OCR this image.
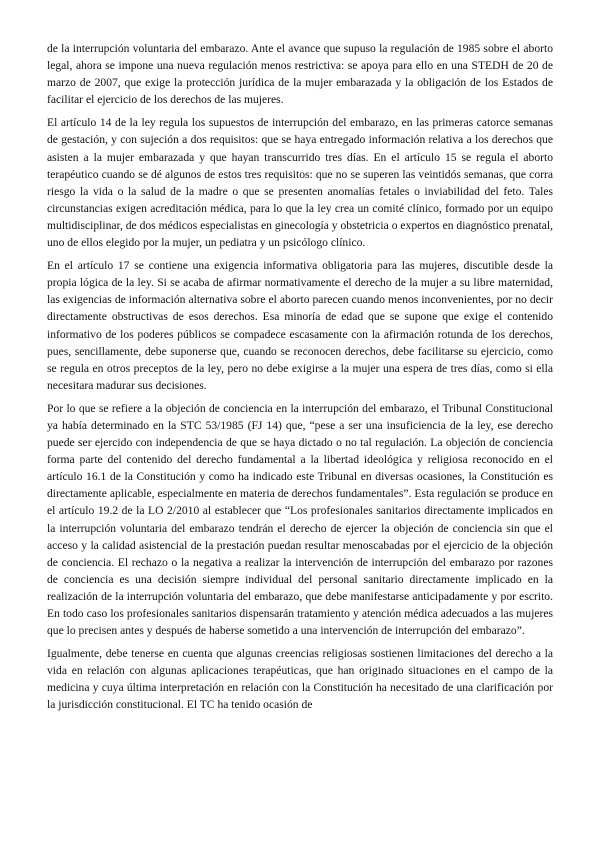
de la interrupción voluntaria del embarazo. Ante el avance que supuso la regulación de 1985 sobre el aborto legal, ahora se impone una nueva regulación menos restrictiva: se apoya para ello en una STEDH de 20 de marzo de 2007, que exige la protección jurídica de la mujer embarazada y la obligación de los Estados de facilitar el ejercicio de los derechos de las mujeres.

El artículo 14 de la ley regula los supuestos de interrupción del embarazo, en las primeras catorce semanas de gestación, y con sujeción a dos requisitos: que se haya entregado información relativa a los derechos que asisten a la mujer embarazada y que hayan transcurrido tres días. En el artículo 15 se regula el aborto terapéutico cuando se dé algunos de estos tres requisitos: que no se superen las veintidós semanas, que corra riesgo la vida o la salud de la madre o que se presenten anomalías fetales o inviabilidad del feto. Tales circunstancias exigen acreditación médica, para lo que la ley crea un comité clínico, formado por un equipo multidisciplinar, de dos médicos especialistas en ginecología y obstetricia o expertos en diagnóstico prenatal, uno de ellos elegido por la mujer, un pediatra y un psicólogo clínico.

En el artículo 17 se contiene una exigencia informativa obligatoria para las mujeres, discutible desde la propia lógica de la ley. Si se acaba de afirmar normativamente el derecho de la mujer a su libre maternidad, las exigencias de información alternativa sobre el aborto parecen cuando menos inconvenientes, por no decir directamente obstructivas de esos derechos. Esa minoría de edad que se supone que exige el contenido informativo de los poderes públicos se compadece escasamente con la afirmación rotunda de los derechos, pues, sencillamente, debe suponerse que, cuando se reconocen derechos, debe facilitarse su ejercicio, como se regula en otros preceptos de la ley, pero no debe exigirse a la mujer una espera de tres días, como si ella necesitara madurar sus decisiones.

Por lo que se refiere a la objeción de conciencia en la interrupción del embarazo, el Tribunal Constitucional ya había determinado en la STC 53/1985 (FJ 14) que, “pese a ser una insuficiencia de la ley, ese derecho puede ser ejercido con independencia de que se haya dictado o no tal regulación. La objeción de conciencia forma parte del contenido del derecho fundamental a la libertad ideológica y religiosa reconocido en el artículo 16.1 de la Constitución y como ha indicado este Tribunal en diversas ocasiones, la Constitución es directamente aplicable, especialmente en materia de derechos fundamentales”. Esta regulación se produce en el artículo 19.2 de la LO 2/2010 al establecer que “Los profesionales sanitarios directamente implicados en la interrupción voluntaria del embarazo tendrán el derecho de ejercer la objeción de conciencia sin que el acceso y la calidad asistencial de la prestación puedan resultar menoscabadas por el ejercicio de la objeción de conciencia. El rechazo o la negativa a realizar la intervención de interrupción del embarazo por razones de conciencia es una decisión siempre individual del personal sanitario directamente implicado en la realización de la interrupción voluntaria del embarazo, que debe manifestarse anticipadamente y por escrito. En todo caso los profesionales sanitarios dispensarán tratamiento y atención médica adecuados a las mujeres que lo precisen antes y después de haberse sometido a una intervención de interrupción del embarazo”.

Igualmente, debe tenerse en cuenta que algunas creencias religiosas sostienen limitaciones del derecho a la vida en relación con algunas aplicaciones terapéuticas, que han originado situaciones en el campo de la medicina y cuya última interpretación en relación con la Constitución ha necesitado de una clarificación por la jurisdicción constitucional. El TC ha tenido ocasión de
